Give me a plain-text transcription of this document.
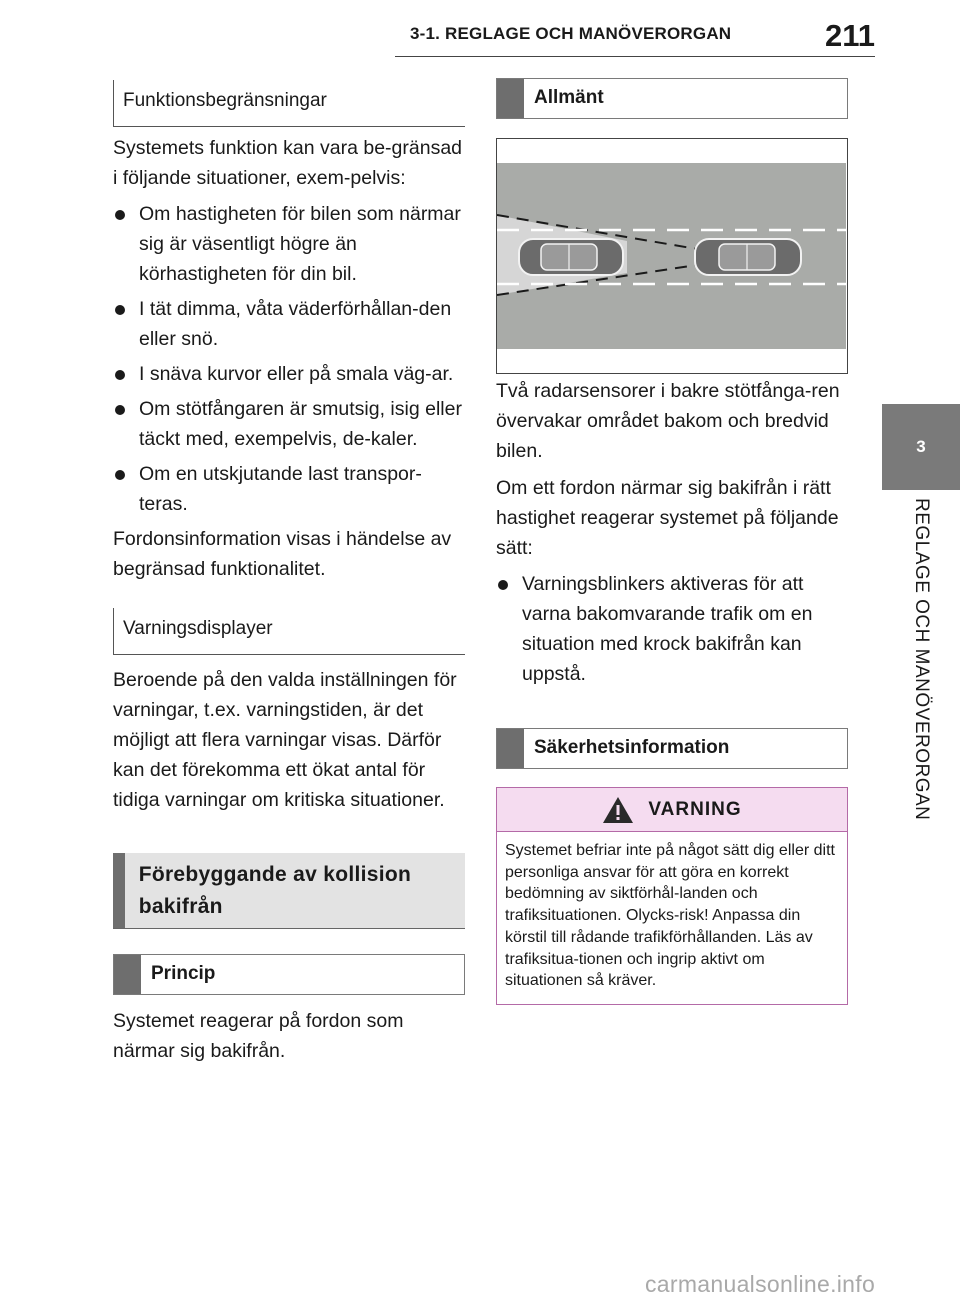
3-1. REGLAGE OCH MANÖVERORGAN	211
3
REGLAGE OCH MANÖVERORGAN
Funktionsbegränsningar

Systemets funktion kan vara be-gränsad i följande situationer, exem-pelvis:

Om hastigheten för bilen som närmar sig är väsentligt högre än körhastigheten för din bil.
I tät dimma, våta väderförhållan-den eller snö.
I snäva kurvor eller på smala väg-ar.
Om stötfångaren är smutsig, isig eller täckt med, exempelvis, de-kaler.
Om en utskjutande last transpor-teras.

Fordonsinformation visas i händelse av begränsad funktionalitet.

Varningsdisplayer

Beroende på den valda inställningen för varningar, t.ex. varningstiden, är det möjligt att flera varningar visas. Därför kan det förekomma ett ökat antal för tidiga varningar om kritiska situationer.

Förebyggande av kollision bakifrån
Princip

Systemet reagerar på fordon som närmar sig bakifrån.

Allmänt

Två radarsensorer i bakre stötfånga-ren övervakar området bakom och bredvid bilen.

Om ett fordon närmar sig bakifrån i rätt hastighet reagerar systemet på följande sätt:

Varningsblinkers aktiveras för att varna bakomvarande trafik om en situation med krock bakifrån kan uppstå.
Säkerhetsinformation
VARNING
Systemet befriar inte på något sätt dig eller ditt personliga ansvar för att göra en korrekt bedömning av siktförhål-landen och trafiksituationen. Olycks-risk! Anpassa din körstil till rådande trafikförhållanden. Läs av trafiksitua-tionen och ingrip aktivt om situationen så kräver.
carmanualsonline.info
